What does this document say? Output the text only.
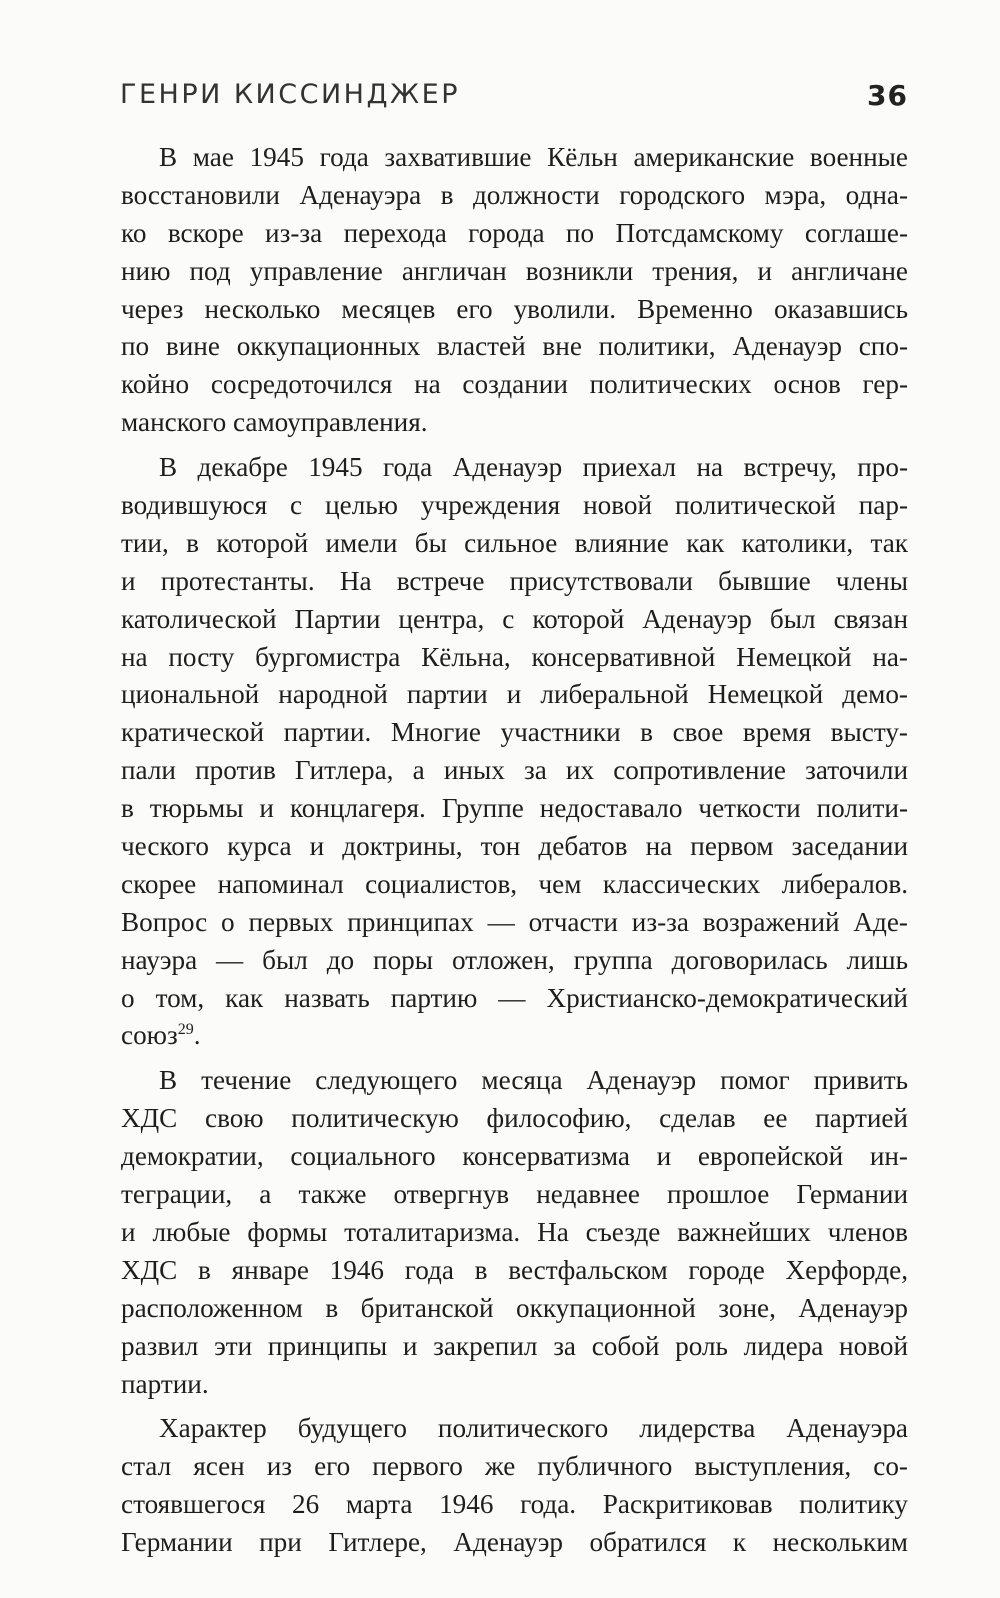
ГЕНРИ КИССИНДЖЕР	36
В мае 1945 года захватившие Кёльн американские военные
восстановили Аденауэра в должности городского мэра, одна-
ко вскоре из-за перехода города по Потсдамскому соглаше-
нию под управление англичан возникли трения, и англичане
через несколько месяцев его уволили. Временно оказавшись
по вине оккупационных властей вне политики, Аденауэр спо-
койно сосредоточился на создании политических основ гер-
манского самоуправления.
В декабре 1945 года Аденауэр приехал на встречу, про-
водившуюся с целью учреждения новой политической пар-
тии, в которой имели бы сильное влияние как католики, так
и протестанты. На встрече присутствовали бывшие члены
католической Партии центра, с которой Аденауэр был связан
на посту бургомистра Кёльна, консервативной Немецкой на-
циональной народной партии и либеральной Немецкой демо-
кратической партии. Многие участники в свое время высту-
пали против Гитлера, а иных за их сопротивление заточили
в тюрьмы и концлагеря. Группе недоставало четкости полити-
ческого курса и доктрины, тон дебатов на первом заседании
скорее напоминал социалистов, чем классических либералов.
Вопрос о первых принципах — отчасти из-за возражений Аде-
науэра — был до поры отложен, группа договорилась лишь
о том, как назвать партию — Христианско-демократический
союз$^{29}$.
В течение следующего месяца Аденауэр помог привить
ХДС свою политическую философию, сделав ее партией
демократии, социального консерватизма и европейской ин-
теграции, а также отвергнув недавнее прошлое Германии
и любые формы тоталитаризма. На съезде важнейших членов
ХДС в январе 1946 года в вестфальском городе Херфорде,
расположенном в британской оккупационной зоне, Аденауэр
развил эти принципы и закрепил за собой роль лидера новой
партии.
Характер будущего политического лидерства Аденауэра
стал ясен из его первого же публичного выступления, со-
стоявшегося 26 марта 1946 года. Раскритиковав политику
Германии при Гитлере, Аденауэр обратился к нескольким
